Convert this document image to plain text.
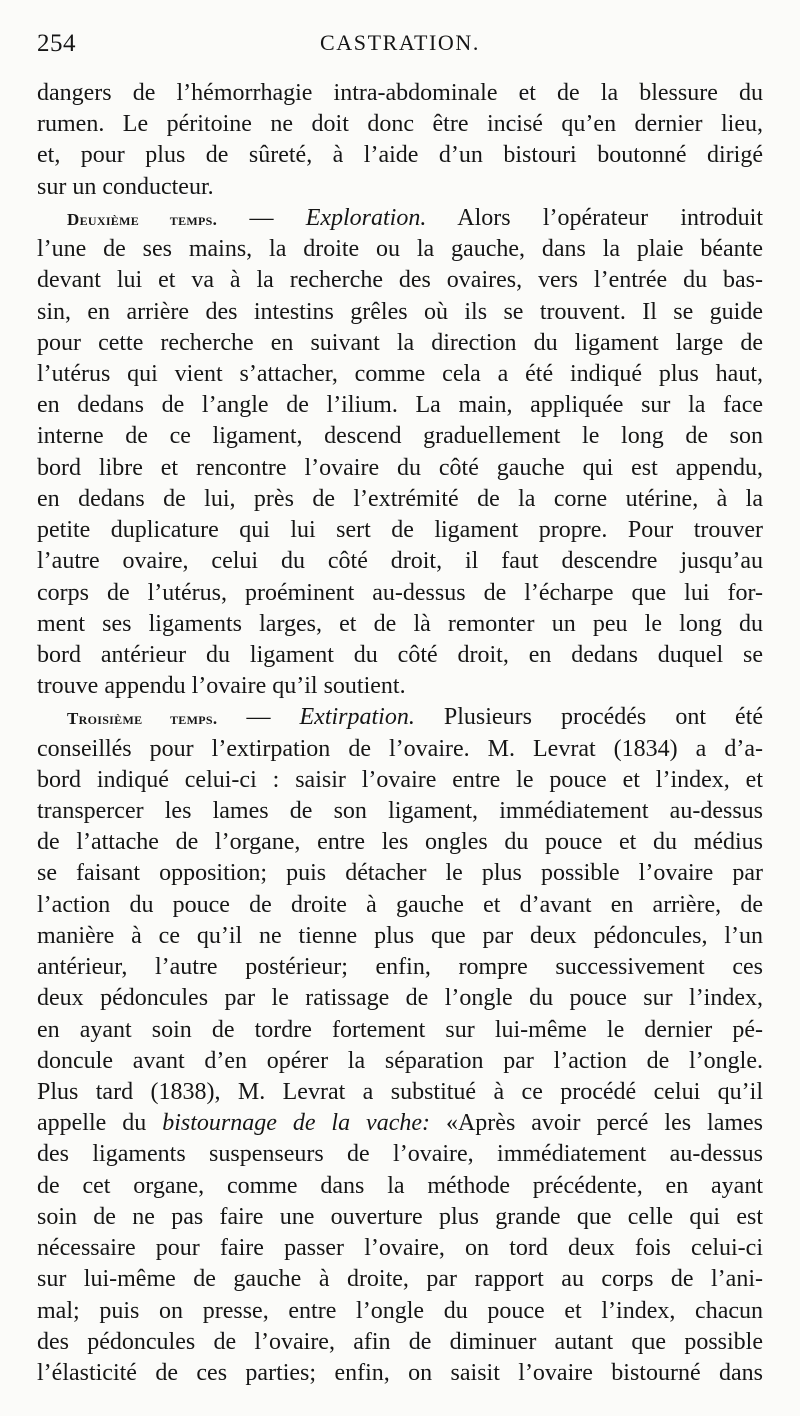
254	CASTRATION.
dangers de l’hémorrhagie intra-abdominale et de la blessure du
rumen. Le péritoine ne doit donc être incisé qu’en dernier lieu,
et, pour plus de sûreté, à l’aide d’un bistouri boutonné dirigé
sur un conducteur.
Deuxième temps. — Exploration. Alors l’opérateur introduit
l’une de ses mains, la droite ou la gauche, dans la plaie béante
devant lui et va à la recherche des ovaires, vers l’entrée du bas-
sin, en arrière des intestins grêles où ils se trouvent. Il se guide
pour cette recherche en suivant la direction du ligament large de
l’utérus qui vient s’attacher, comme cela a été indiqué plus haut,
en dedans de l’angle de l’ilium. La main, appliquée sur la face
interne de ce ligament, descend graduellement le long de son
bord libre et rencontre l’ovaire du côté gauche qui est appendu,
en dedans de lui, près de l’extrémité de la corne utérine, à la
petite duplicature qui lui sert de ligament propre. Pour trouver
l’autre ovaire, celui du côté droit, il faut descendre jusqu’au
corps de l’utérus, proéminent au-dessus de l’écharpe que lui for-
ment ses ligaments larges, et de là remonter un peu le long du
bord antérieur du ligament du côté droit, en dedans duquel se
trouve appendu l’ovaire qu’il soutient.
Troisième temps. — Extirpation. Plusieurs procédés ont été
conseillés pour l’extirpation de l’ovaire. M. Levrat (1834) a d’a-
bord indiqué celui-ci : saisir l’ovaire entre le pouce et l’index, et
transpercer les lames de son ligament, immédiatement au-dessus
de l’attache de l’organe, entre les ongles du pouce et du médius
se faisant opposition; puis détacher le plus possible l’ovaire par
l’action du pouce de droite à gauche et d’avant en arrière, de
manière à ce qu’il ne tienne plus que par deux pédoncules, l’un
antérieur, l’autre postérieur; enfin, rompre successivement ces
deux pédoncules par le ratissage de l’ongle du pouce sur l’index,
en ayant soin de tordre fortement sur lui-même le dernier pé-
doncule avant d’en opérer la séparation par l’action de l’ongle.
Plus tard (1838), M. Levrat a substitué à ce procédé celui qu’il
appelle du bistournage de la vache: «Après avoir percé les lames
des ligaments suspenseurs de l’ovaire, immédiatement au-dessus
de cet organe, comme dans la méthode précédente, en ayant
soin de ne pas faire une ouverture plus grande que celle qui est
nécessaire pour faire passer l’ovaire, on tord deux fois celui-ci
sur lui-même de gauche à droite, par rapport au corps de l’ani-
mal; puis on presse, entre l’ongle du pouce et l’index, chacun
des pédoncules de l’ovaire, afin de diminuer autant que possible
l’élasticité de ces parties; enfin, on saisit l’ovaire bistourné dans
